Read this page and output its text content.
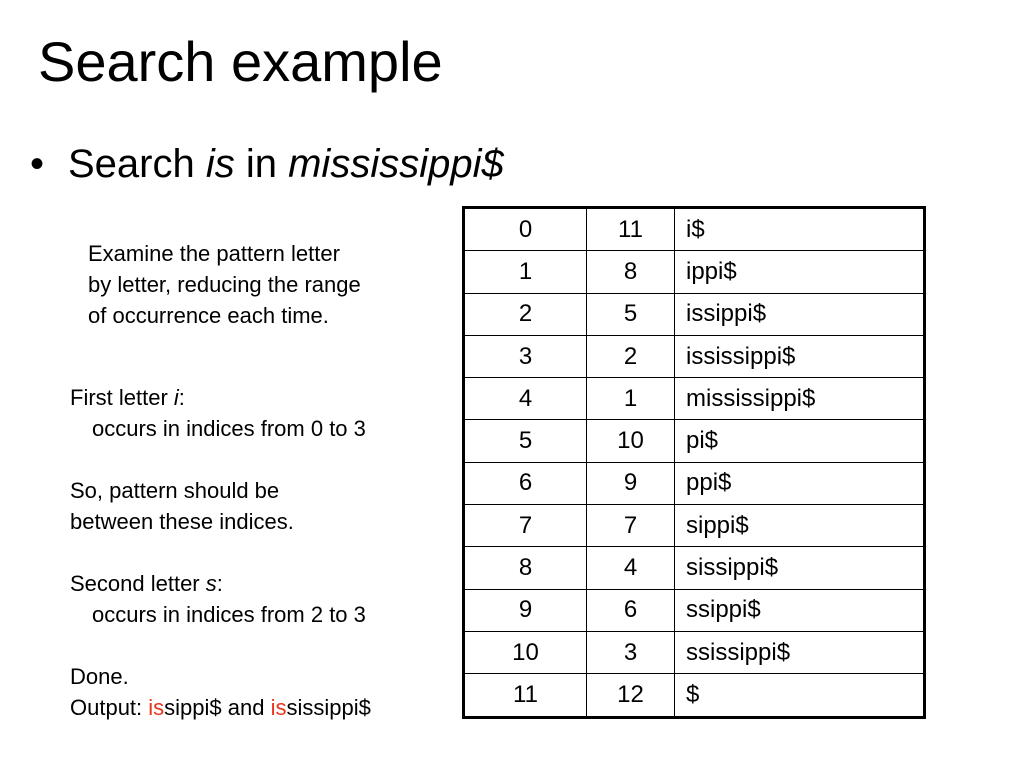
Search example
• Search is in mississippi$
Examine the pattern letter
by letter, reducing the range
of occurrence each time.
First letter i:
occurs in indices from 0 to 3
So, pattern should be
between these indices.
Second letter s:
occurs in indices from 2 to 3
Done.
Output: issippi$ and ississippi$
0	11	i$
1	8	ippi$
2	5	issippi$
3	2	ississippi$
4	1	mississippi$
5	10	pi$
6	9	ppi$
7	7	sippi$
8	4	sissippi$
9	6	ssippi$
10	3	ssissippi$
11	12	$
